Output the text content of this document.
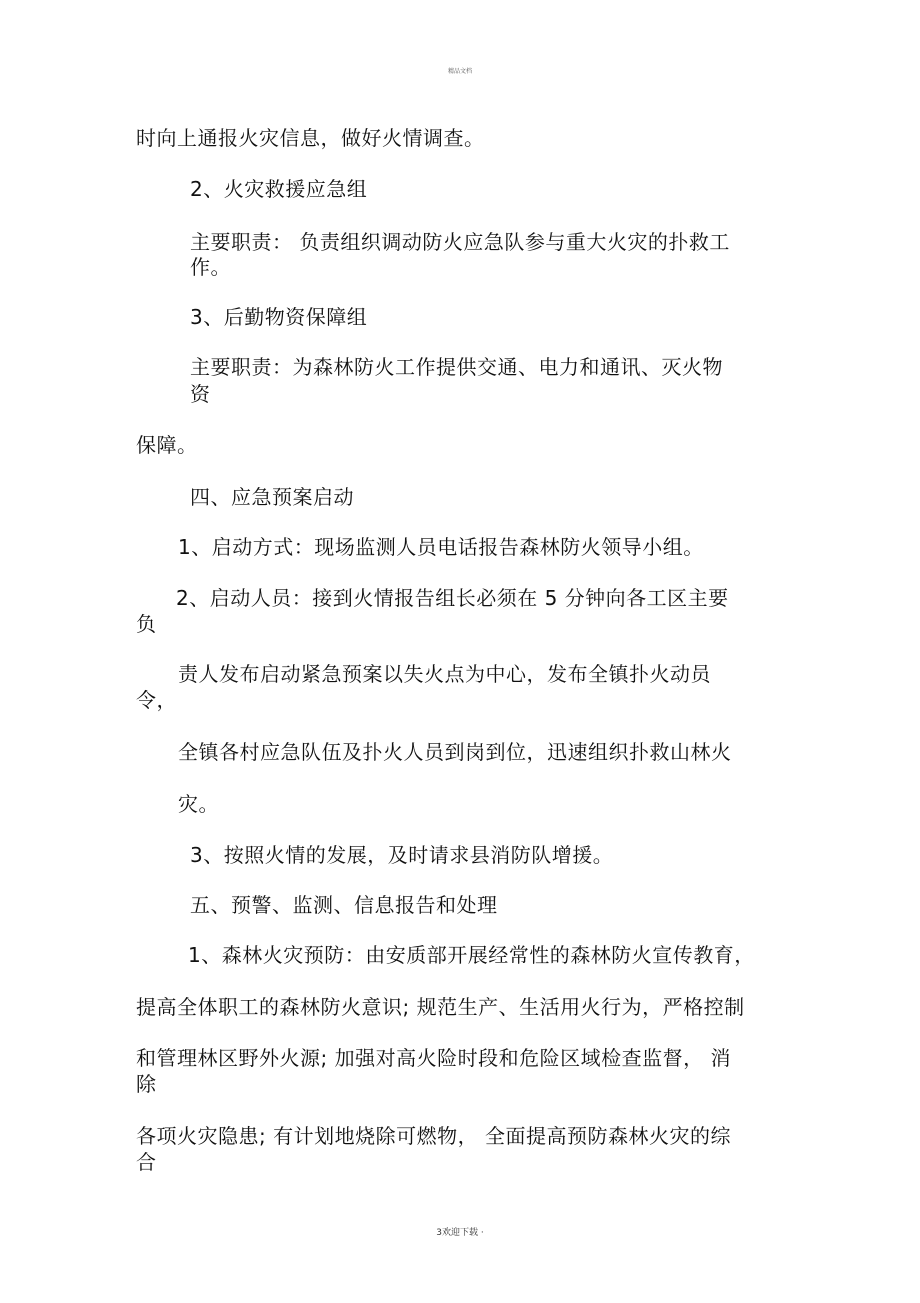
精品文档
时向上通报火灾信息，做好火情调查。
2、火灾救援应急组
主要职责： 负责组织调动防火应急队参与重大火灾的扑救工
作。
3、后勤物资保障组
主要职责：为森林防火工作提供交通、电力和通讯、灭火物
资
保障。
四、应急预案启动
1、启动方式：现场监测人员电话报告森林防火领导小组。
2、启动人员：接到火情报告组长必须在 5 分钟向各工区主要
负
责人发布启动紧急预案以失火点为中心，发布全镇扑火动员
令，
全镇各村应急队伍及扑火人员到岗到位，迅速组织扑救山林火
灾。
3、按照火情的发展，及时请求县消防队增援。
五、预警、监测、信息报告和处理
1、森林火灾预防：由安质部开展经常性的森林防火宣传教育，
提高全体职工的森林防火意识; 规范生产、生活用火行为，严格控制
和管理林区野外火源; 加强对高火险时段和危险区域检查监督， 消
除
各项火灾隐患; 有计划地烧除可燃物， 全面提高预防森林火灾的综
合
3欢迎下载 ·
